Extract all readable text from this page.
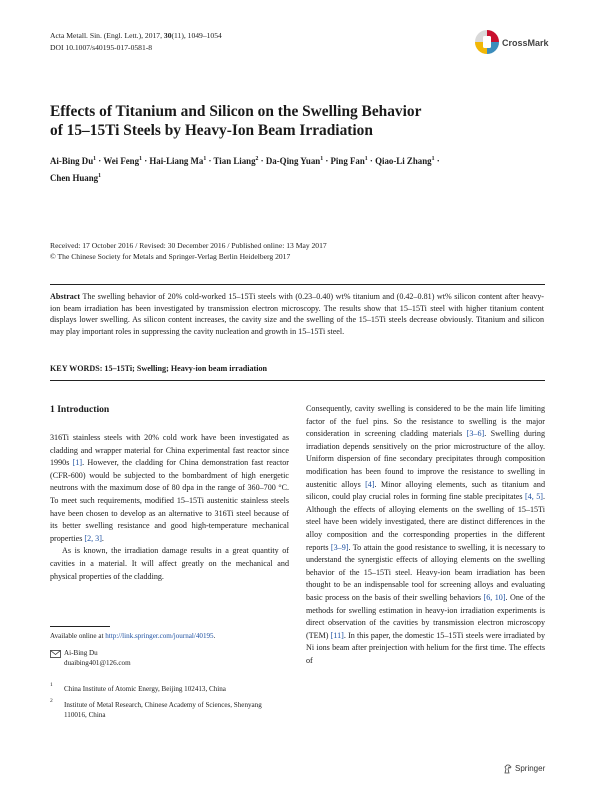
Acta Metall. Sin. (Engl. Lett.), 2017, 30(11), 1049–1054
DOI 10.1007/s40195-017-0581-8	CrossMark
Effects of Titanium and Silicon on the Swelling Behavior
of 15–15Ti Steels by Heavy-Ion Beam Irradiation
Ai-Bing $Du^1$ · Wei Feng$^1$ · Hai-Liang $Ma^1$ · Tian Liang$^2$ · Da-Qing Yuan$^1$ · Ping Fan$^1$ · Qiao-Li Zhang$^1$ ·
Chen Huang$^1$
Received: 17 October 2016 / Revised: 30 December 2016 / Published online: 13 May 2017
© The Chinese Society for Metals and Springer-Verlag Berlin Heidelberg 2017
Abstract The swelling behavior of 20% cold-worked 15–15Ti steels with (0.23–0.40) wt% titanium and (0.42–0.81) wt% silicon content after heavy-ion beam irradiation has been investigated by transmission electron microscopy. The results show that 15–15Ti steel with higher titanium content displays lower swelling. As silicon content increases, the cavity size and the swelling of the 15–15Ti steels decrease obviously. Titanium and silicon may play important roles in suppressing the cavity nucleation and growth in 15–15Ti steel.
KEY WORDS: 15–15Ti; Swelling; Heavy-ion beam irradiation
1 Introduction

316Ti stainless steels with 20% cold work have been investigated as cladding and wrapper material for China experimental fast reactor since 1990s [1]. However, the cladding for China demonstration fast reactor (CFR-600) would be subjected to the bombardment of high energetic neutrons with the maximum dose of 80 dpa in the range of 360–700 °C. To meet such requirements, modified 15–15Ti austenitic stainless steels have been chosen to develop as an alternative to 316Ti steel because of its better swelling resistance and good high-temperature mechanical properties [2, 3].

As is known, the irradiation damage results in a great quantity of cavities in a material. It will affect greatly on the mechanical and physical properties of the cladding.

Consequently, cavity swelling is considered to be the main life limiting factor of the fuel pins. So the resistance to swelling is the major consideration in screening cladding materials [3–6]. Swelling during irradiation depends sensitively on the prior microstructure of the alloy. Uniform dispersion of fine secondary precipitates through composition modification has been found to improve the resistance to swelling in austenitic alloys [4]. Minor alloying elements, such as titanium and silicon, could play crucial roles in forming fine stable precipitates [4, 5]. Although the effects of alloying elements on the swelling of 15–15Ti steel have been widely investigated, there are distinct differences in the alloy composition and the corresponding properties in the different reports [3–9]. To attain the good resistance to swelling, it is necessary to understand the synergistic effects of alloying elements on the swelling behavior of the 15–15Ti steel. Heavy-ion beam irradiation has been thought to be an indispensable tool for screening alloys and evaluating basic process on the basis of their swelling behaviors [6, 10]. One of the methods for swelling estimation in heavy-ion irradiation experiments is direct observation of the cavities by transmission electron microscopy (TEM) [11]. In this paper, the domestic 15–15Ti steels were irradiated by Ni ions beam after preinjection with helium for the first time. The effects of

Available online at http://link.springer.com/journal/40195.
Ai-Bing Du
duaibing401@126.com
1 China Institute of Atomic Energy, Beijing 102413, China
2 Institute of Metal Research, Chinese Academy of Sciences, Shenyang 110016, China
Springer
